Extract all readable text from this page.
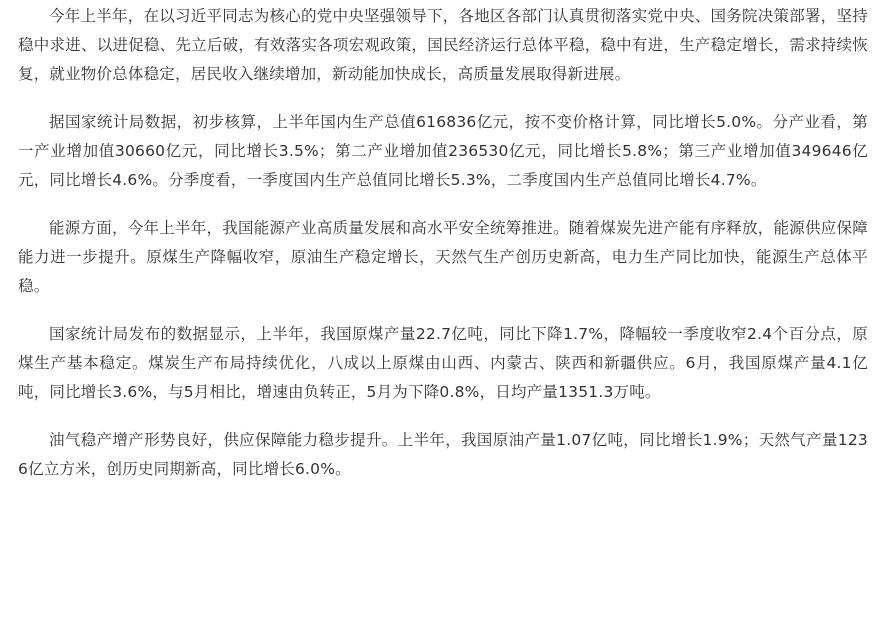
今年上半年，在以习近平同志为核心的党中央坚强领导下，各地区各部门认真贯彻落实党中央、国务院决策部署，坚持稳中求进、以进促稳、先立后破，有效落实各项宏观政策，国民经济运行总体平稳，稳中有进，生产稳定增长，需求持续恢复，就业物价总体稳定，居民收入继续增加，新动能加快成长，高质量发展取得新进展。

据国家统计局数据，初步核算，上半年国内生产总值616836亿元，按不变价格计算，同比增长5.0%。分产业看，第一产业增加值30660亿元，同比增长3.5%；第二产业增加值236530亿元，同比增长5.8%；第三产业增加值349646亿元，同比增长4.6%。分季度看，一季度国内生产总值同比增长5.3%，二季度国内生产总值同比增长4.7%。

能源方面，今年上半年，我国能源产业高质量发展和高水平安全统筹推进。随着煤炭先进产能有序释放，能源供应保障能力进一步提升。原煤生产降幅收窄，原油生产稳定增长，天然气生产创历史新高，电力生产同比加快，能源生产总体平稳。

国家统计局发布的数据显示，上半年，我国原煤产量22.7亿吨，同比下降1.7%，降幅较一季度收窄2.4个百分点，原煤生产基本稳定。煤炭生产布局持续优化，八成以上原煤由山西、内蒙古、陕西和新疆供应。6月，我国原煤产量4.1亿吨，同比增长3.6%，与5月相比，增速由负转正，5月为下降0.8%，日均产量1351.3万吨。

油气稳产增产形势良好，供应保障能力稳步提升。上半年，我国原油产量1.07亿吨，同比增长1.9%；天然气产量1236亿立方米，创历史同期新高，同比增长6.0%。
